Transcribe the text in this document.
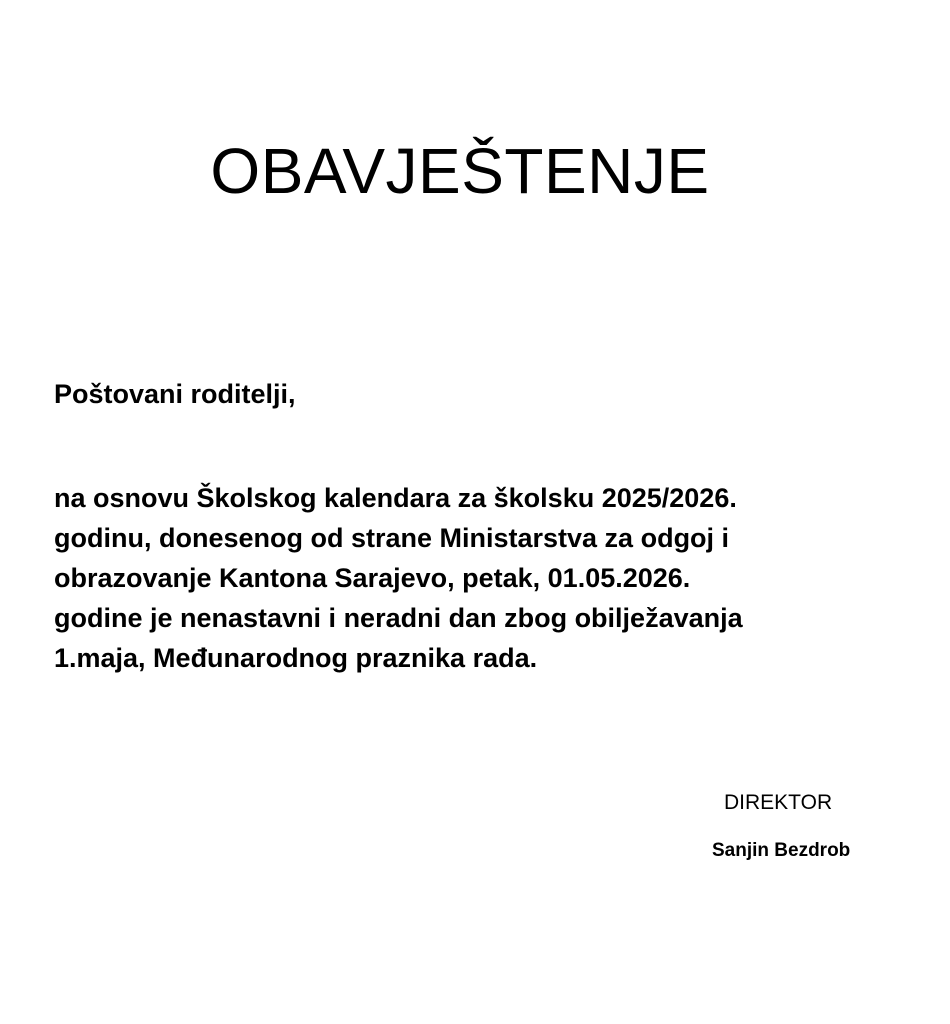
OBAVJEŠTENJE

Poštovani roditelji,

na osnovu Školskog kalendara za školsku 2025/2026.
godinu, donesenog od strane Ministarstva za odgoj i
obrazovanje Kantona Sarajevo, petak, 01.05.2026.
godine je nenastavni i neradni dan zbog obilježavanja
1.maja, Međunarodnog praznika rada.

DIREKTOR

Sanjin Bezdrob
